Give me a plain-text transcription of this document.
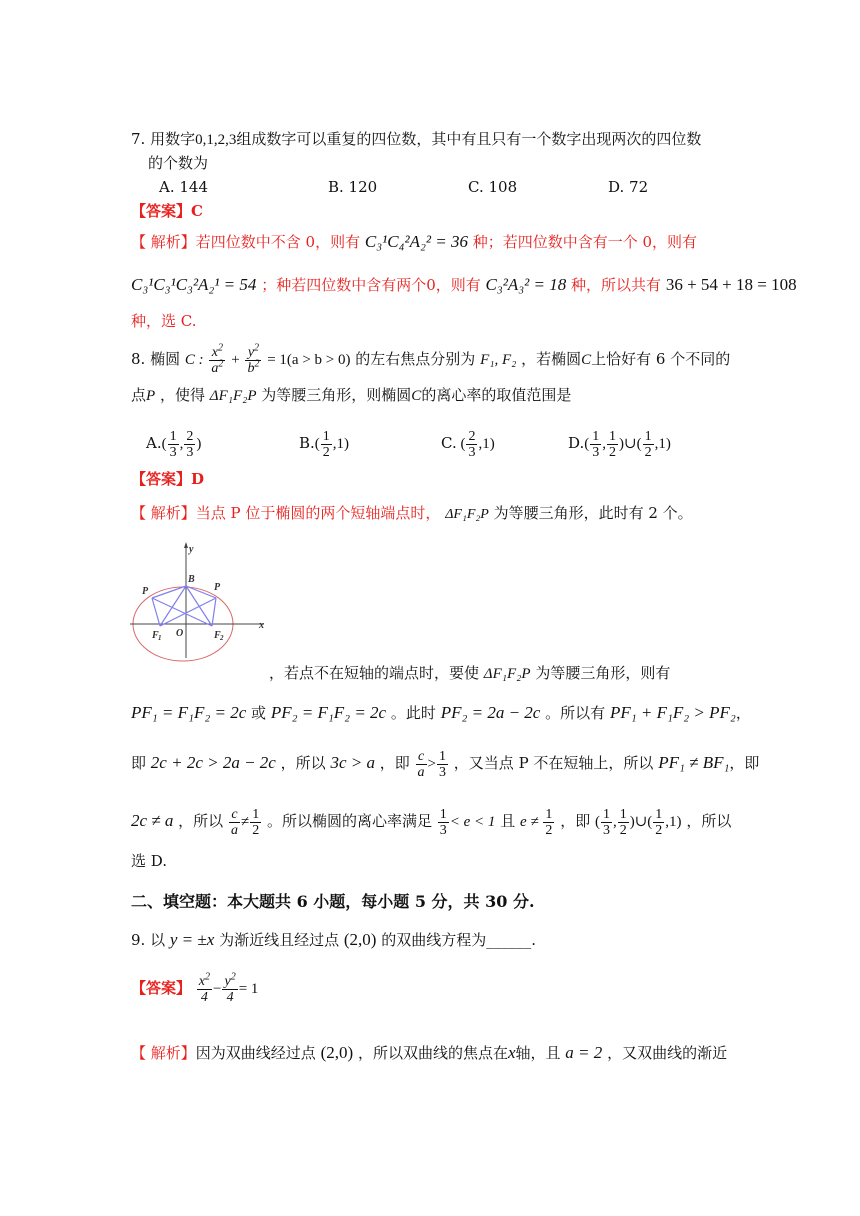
7. 用数字0,1,2,3组成数字可以重复的四位数，其中有且只有一个数字出现两次的四位数
的个数为
A. 144	B. 120	C. 108	D. 72
【答案】C
【 解析】若四位数中不含 0，则有 C₃¹C₄²A₂² = 36 种；若四位数中含有一个 0，则有
C₃¹C₃¹C₃²A₂¹ = 54 ；种若四位数中含有两个0，则有 C₃²A₃² = 18 种，所以共有 36 + 54 + 18 = 108
种，选 C.
8. 椭圆 C : $\frac{x^2}{a^2} + \frac{y^2}{b^2} = 1(a > b > 0)$ 的左右焦点分别为 F₁, F₂ ，若椭圆C上恰好有 6 个不同的
点P ，使得 ΔF₁F₂P 为等腰三角形，则椭圆C的离心率的取值范围是
$A.( \frac{1}{3}$ , $\frac{2}{3}$ )	$B.( \frac{1}{2} ,1)$	C. ( $\frac{2}{3} ,1$)	$D.( \frac{1}{3}$ , $\frac{1}{2}$ )∪( $\frac{1}{2} ,1$)
【答案】D
【 解析】当点 P 位于椭圆的两个短轴端点时， ΔF₁F₂P 为等腰三角形，此时有 2 个。
y
x
B
P	P
O
F 1	F 2
，若点不在短轴的端点时，要使 ΔF₁F₂P 为等腰三角形，则有
PF₁ = F₁F₂ = 2c 或 PF₂ = F₁F₂ = 2c 。此时 PF₂ = 2a − 2c 。所以有 PF₁ + F₁F₂ > PF₂，
即 2c + 2c > 2a − 2c ，所以 3c > a ，即 $\frac{c}{a} > \frac{1}{3}$ ，又当点 P 不在短轴上，所以 PF₁ ≠ BF₁，即
2c ≠ a ，所以 $\frac{c}{a} \ne \frac{1}{2}$ 。所以椭圆的离心率满足 $\frac{1}{3} < e < 1$ 且 $e \ne \frac{1}{2}$ ，即 ( $\frac{1}{3}$ , $\frac{1}{2}$ )∪( $\frac{1}{2} ,1$) ，所以
选 D.
二、填空题：本大题共 6 小题，每小题 5 分，共 30 分.
9. 以 y = ±x 为渐近线且经过点 (2,0) 的双曲线方程为______.
【答案】 $\frac{x^2}{4} - \frac{y^2}{4} = 1$
【 解析】因为双曲线经过点 (2,0) ，所以双曲线的焦点在x轴，且 a = 2 ，又双曲线的渐近
